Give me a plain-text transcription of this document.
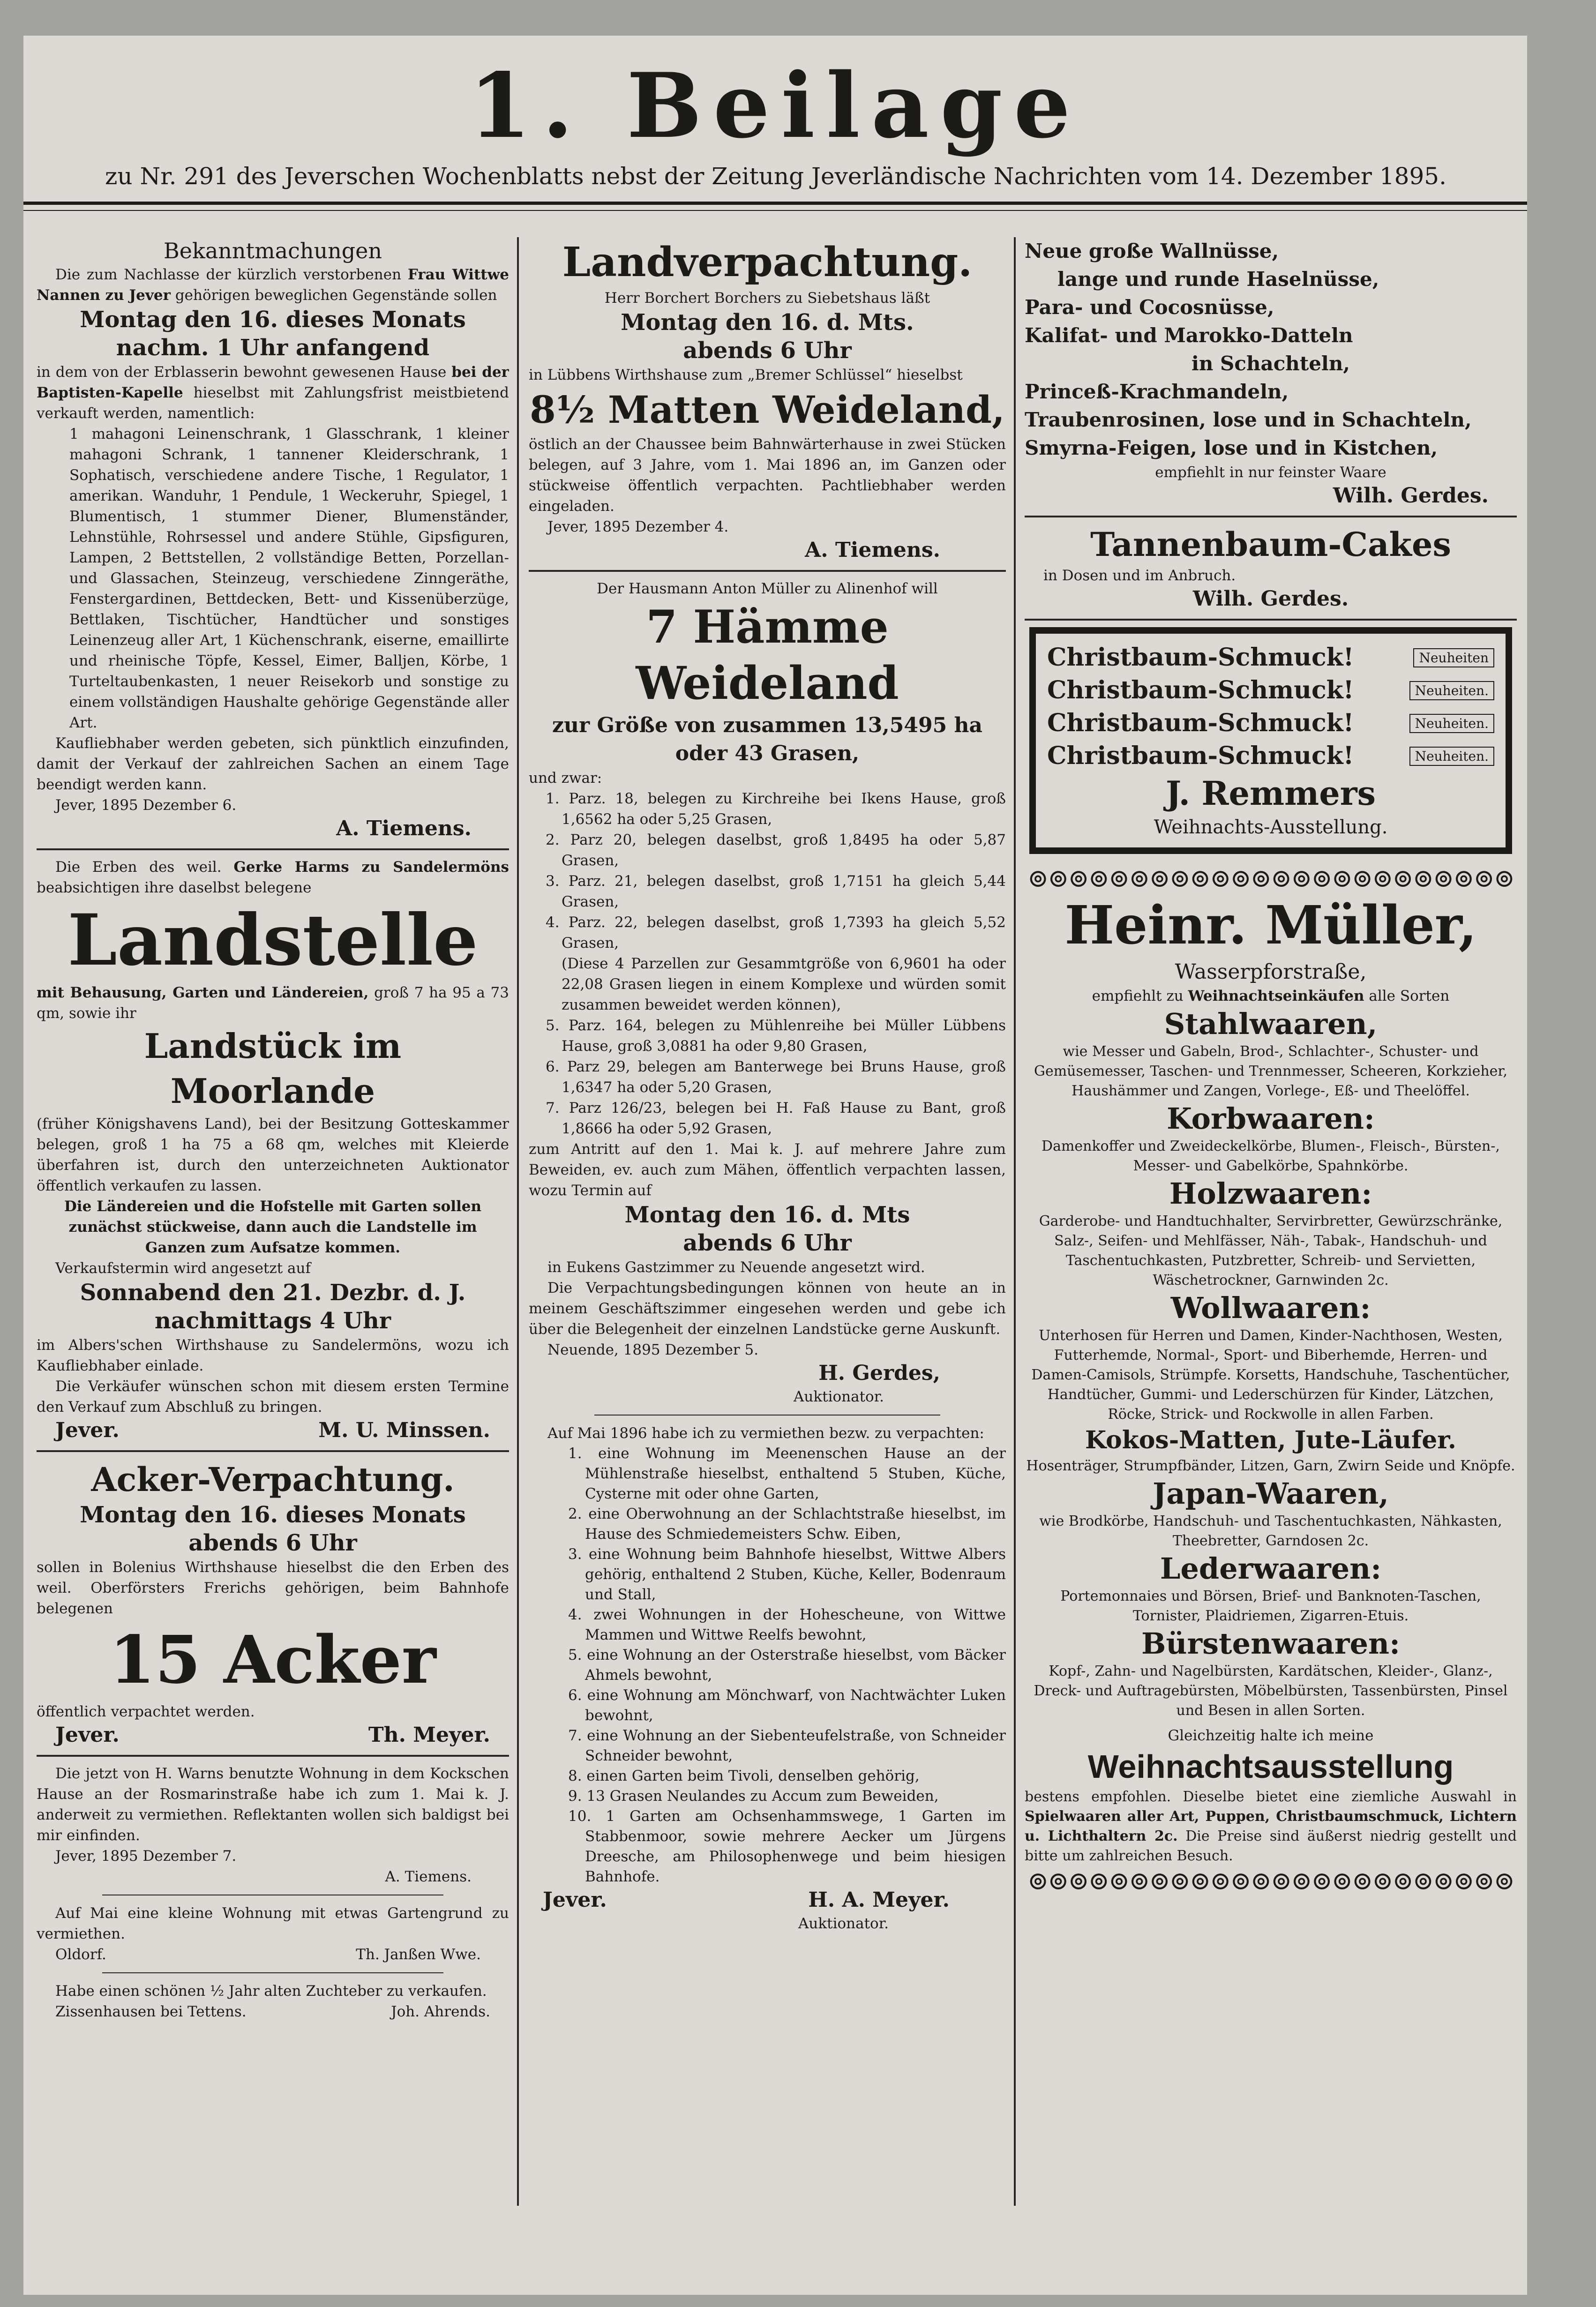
1. Beilage
zu Nr. 291 des Jeverschen Wochenblatts nebst der Zeitung Jeverländische Nachrichten vom 14. Dezember 1895.

Bekanntmachungen

Die zum Nachlasse der kürzlich verstorbenen Frau Wittwe Nannen zu Jever gehörigen beweglichen Gegenstände sollen

Montag den 16. dieses Monats

nachm. 1 Uhr anfangend

in dem von der Erblasserin bewohnt gewesenen Hause bei der Baptisten-Kapelle hieselbst mit Zahlungsfrist meistbietend verkauft werden, namentlich:

1 mahagoni Leinenschrank, 1 Glasschrank, 1 kleiner mahagoni Schrank, 1 tannener Kleiderschrank, 1 Sophatisch, verschiedene andere Tische, 1 Regulator, 1 amerikan. Wanduhr, 1 Pendule, 1 Weckeruhr, Spiegel, 1 Blumentisch, 1 stummer Diener, Blumenständer, Lehnstühle, Rohrsessel und andere Stühle, Gipsfiguren, Lampen, 2 Bettstellen, 2 vollständige Betten, Porzellan- und Glassachen, Steinzeug, verschiedene Zinngeräthe, Fenstergardinen, Bettdecken, Bett- und Kissenüberzüge, Bettlaken, Tischtücher, Handtücher und sonstiges Leinenzeug aller Art, 1 Küchenschrank, eiserne, emaillirte und rheinische Töpfe, Kessel, Eimer, Balljen, Körbe, 1 Turteltaubenkasten, 1 neuer Reisekorb und sonstige zu einem vollständigen Haushalte gehörige Gegenstände aller Art.

Kaufliebhaber werden gebeten, sich pünktlich einzufinden, damit der Verkauf der zahlreichen Sachen an einem Tage beendigt werden kann.

Jever, 1895 Dezember 6.

A. Tiemens.

Die Erben des weil. Gerke Harms zu Sandelermöns beabsichtigen ihre daselbst belegene

Landstelle

mit Behausung, Garten und Ländereien, groß 7 ha 95 a 73 qm, sowie ihr

Landstück im Moorlande

(früher Königshavens Land), bei der Besitzung Gotteskammer belegen, groß 1 ha 75 a 68 qm, welches mit Kleierde überfahren ist, durch den unterzeichneten Auktionator öffentlich verkaufen zu lassen.

Die Ländereien und die Hofstelle mit Garten sollen zunächst stückweise, dann auch die Landstelle im Ganzen zum Aufsatze kommen.

Verkaufstermin wird angesetzt auf

Sonnabend den 21. Dezbr. d. J.

nachmittags 4 Uhr

im Albers'schen Wirthshause zu Sandelermöns, wozu ich Kaufliebhaber einlade.

Die Verkäufer wünschen schon mit diesem ersten Termine den Verkauf zum Abschluß zu bringen.

Jever.	M. U. Minssen.

Acker-Verpachtung.

Montag den 16. dieses Monats

abends 6 Uhr

sollen in Bolenius Wirthshause hieselbst die den Erben des weil. Oberförsters Frerichs gehörigen, beim Bahnhofe belegenen

15 Acker

öffentlich verpachtet werden.

Jever.	Th. Meyer.

Die jetzt von H. Warns benutzte Wohnung in dem Kockschen Hause an der Rosmarinstraße habe ich zum 1. Mai k. J. anderweit zu vermiethen. Reflektanten wollen sich baldigst bei mir einfinden.

Jever, 1895 Dezember 7.

A. Tiemens.

Auf Mai eine kleine Wohnung mit etwas Gartengrund zu vermiethen.

Oldorf.	Th. Janßen Wwe.

Habe einen schönen ½ Jahr alten Zuchteber zu verkaufen.

Zissenhausen bei Tettens.	Joh. Ahrends.

Landverpachtung.

Herr Borchert Borchers zu Siebetshaus läßt

Montag den 16. d. Mts.

abends 6 Uhr

in Lübbens Wirthshause zum „Bremer Schlüssel“ hieselbst

8½ Matten Weideland,

östlich an der Chaussee beim Bahnwärterhause in zwei Stücken belegen, auf 3 Jahre, vom 1. Mai 1896 an, im Ganzen oder stückweise öffentlich verpachten. Pachtliebhaber werden eingeladen.

Jever, 1895 Dezember 4.

A. Tiemens.

Der Hausmann Anton Müller zu Alinenhof will

7 Hämme Weideland

zur Größe von zusammen 13,5495 ha

oder 43 Grasen,

und zwar:

1. Parz. 18, belegen zu Kirchreihe bei Ikens Hause, groß 1,6562 ha oder 5,25 Grasen,

2. Parz 20, belegen daselbst, groß 1,8495 ha oder 5,87 Grasen,

3. Parz. 21, belegen daselbst, groß 1,7151 ha gleich 5,44 Grasen,

4. Parz. 22, belegen daselbst, groß 1,7393 ha gleich 5,52 Grasen,

(Diese 4 Parzellen zur Gesammtgröße von 6,9601 ha oder 22,08 Grasen liegen in einem Komplexe und würden somit zusammen beweidet werden können),

5. Parz. 164, belegen zu Mühlenreihe bei Müller Lübbens Hause, groß 3,0881 ha oder 9,80 Grasen,

6. Parz 29, belegen am Banterwege bei Bruns Hause, groß 1,6347 ha oder 5,20 Grasen,

7. Parz 126/23, belegen bei H. Faß Hause zu Bant, groß 1,8666 ha oder 5,92 Grasen,

zum Antritt auf den 1. Mai k. J. auf mehrere Jahre zum Beweiden, ev. auch zum Mähen, öffentlich verpachten lassen, wozu Termin auf

Montag den 16. d. Mts

abends 6 Uhr

in Eukens Gastzimmer zu Neuende angesetzt wird.

Die Verpachtungsbedingungen können von heute an in meinem Geschäftszimmer eingesehen werden und gebe ich über die Belegenheit der einzelnen Landstücke gerne Auskunft.

Neuende, 1895 Dezember 5.

H. Gerdes,

Auktionator.

Auf Mai 1896 habe ich zu vermiethen bezw. zu verpachten:

1. eine Wohnung im Meenenschen Hause an der Mühlenstraße hieselbst, enthaltend 5 Stuben, Küche, Cysterne mit oder ohne Garten,

2. eine Oberwohnung an der Schlachtstraße hieselbst, im Hause des Schmiedemeisters Schw. Eiben,

3. eine Wohnung beim Bahnhofe hieselbst, Wittwe Albers gehörig, enthaltend 2 Stuben, Küche, Keller, Bodenraum und Stall,

4. zwei Wohnungen in der Hohescheune, von Wittwe Mammen und Wittwe Reelfs bewohnt,

5. eine Wohnung an der Osterstraße hieselbst, vom Bäcker Ahmels bewohnt,

6. eine Wohnung am Mönchwarf, von Nachtwächter Luken bewohnt,

7. eine Wohnung an der Siebenteufelstraße, von Schneider Schneider bewohnt,

8. einen Garten beim Tivoli, denselben gehörig,

9. 13 Grasen Neulandes zu Accum zum Beweiden,

10. 1 Garten am Ochsenhammswege, 1 Garten im Stabbenmoor, sowie mehrere Aecker um Jürgens Dreesche, am Philosophenwege und beim hiesigen Bahnhofe.

Jever.	H. A. Meyer.

Auktionator.

Neue große Wallnüsse,

lange und runde Haselnüsse,

Para- und Cocosnüsse,

Kalifat- und Marokko-Datteln

in Schachteln,

Princeß-Krachmandeln,

Traubenrosinen, lose und in Schachteln,

Smyrna-Feigen, lose und in Kistchen,

empfiehlt in nur feinster Waare

Wilh. Gerdes.

Tannenbaum-Cakes

in Dosen und im Anbruch.

Wilh. Gerdes.

Christbaum-Schmuck!	Neuheiten
Christbaum-Schmuck!	Neuheiten.
Christbaum-Schmuck!	Neuheiten.
Christbaum-Schmuck!	Neuheiten.

J. Remmers

Weihnachts-Ausstellung.

⊚⊚⊚⊚⊚⊚⊚⊚⊚⊚⊚⊚⊚⊚⊚⊚⊚⊚⊚⊚⊚⊚⊚⊚

Heinr. Müller,

Wasserpforstraße,

empfiehlt zu Weihnachtseinkäufen alle Sorten

Stahlwaaren,

wie Messer und Gabeln, Brod-, Schlachter-, Schuster- und Gemüsemesser, Taschen- und Trennmesser, Scheeren, Korkzieher, Haushämmer und Zangen, Vorlege-, Eß- und Theelöffel.

Korbwaaren:

Damenkoffer und Zweideckelkörbe, Blumen-, Fleisch-, Bürsten-, Messer- und Gabelkörbe, Spahnkörbe.

Holzwaaren:

Garderobe- und Handtuchhalter, Servirbretter, Gewürzschränke, Salz-, Seifen- und Mehlfässer, Näh-, Tabak-, Handschuh- und Taschentuchkasten, Putzbretter, Schreib- und Servietten, Wäschetrockner, Garnwinden 2c.

Wollwaaren:

Unterhosen für Herren und Damen, Kinder-Nachthosen, Westen, Futterhemde, Normal-, Sport- und Biberhemde, Herren- und Damen-Camisols, Strümpfe. Korsetts, Handschuhe, Taschentücher, Handtücher, Gummi- und Lederschürzen für Kinder, Lätzchen, Röcke, Strick- und Rockwolle in allen Farben.

Kokos-Matten, Jute-Läufer.

Hosenträger, Strumpfbänder, Litzen, Garn, Zwirn Seide und Knöpfe.

Japan-Waaren,

wie Brodkörbe, Handschuh- und Taschentuchkasten, Nähkasten, Theebretter, Garndosen 2c.

Lederwaaren:

Portemonnaies und Börsen, Brief- und Banknoten-Taschen, Tornister, Plaidriemen, Zigarren-Etuis.

Bürstenwaaren:

Kopf-, Zahn- und Nagelbürsten, Kardätschen, Kleider-, Glanz-, Dreck- und Auftragebürsten, Möbelbürsten, Tassenbürsten, Pinsel und Besen in allen Sorten.

Gleichzeitig halte ich meine

Weihnachtsausstellung

bestens empfohlen. Dieselbe bietet eine ziemliche Auswahl in Spielwaaren aller Art, Puppen, Christbaumschmuck, Lichtern u. Lichthaltern 2c. Die Preise sind äußerst niedrig gestellt und bitte um zahlreichen Besuch.

⊚⊚⊚⊚⊚⊚⊚⊚⊚⊚⊚⊚⊚⊚⊚⊚⊚⊚⊚⊚⊚⊚⊚⊚
